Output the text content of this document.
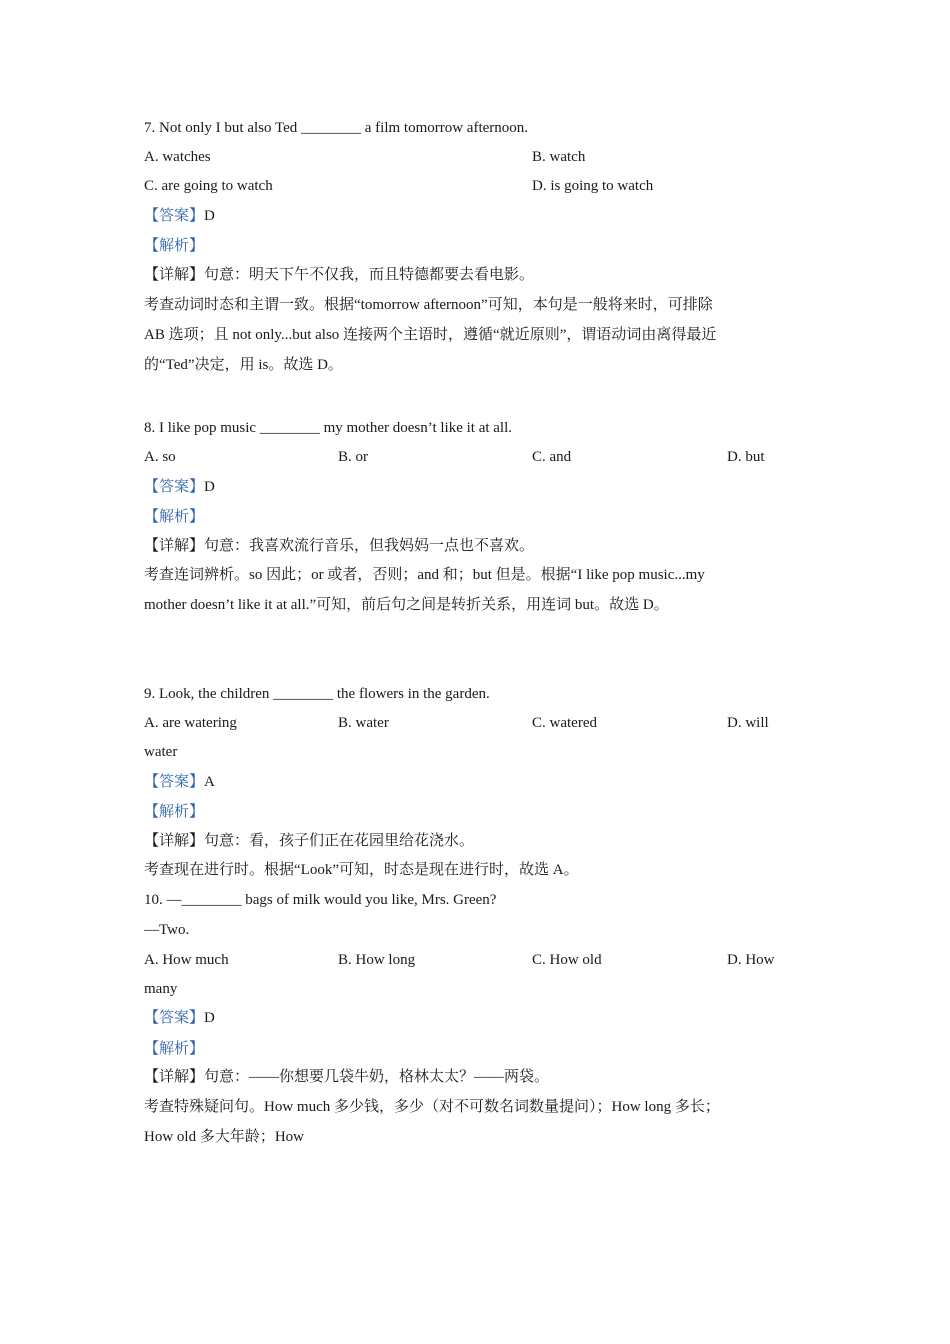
7. Not only I but also Ted ________ a film tomorrow afternoon.
A. watches	B. watch
C. are going to watch	D. is going to watch
【答案】D
【解析】
【详解】句意：明天下午不仅我，而且特德都要去看电影。
考查动词时态和主谓一致。根据“tomorrow afternoon”可知，本句是一般将来时，可排除
AB 选项；且 not only...but also 连接两个主语时，遵循“就近原则”，谓语动词由离得最近
的“Ted”决定，用 is。故选 D。
8. I like pop music ________ my mother doesn’t like it at all.
A. so	B. or	C. and	D. but
【答案】D
【解析】
【详解】句意：我喜欢流行音乐，但我妈妈一点也不喜欢。
考查连词辨析。so 因此；or 或者，否则；and 和；but 但是。根据“I like pop music...my
mother doesn’t like it at all.”可知，前后句之间是转折关系，用连词 but。故选 D。
9. Look, the children ________ the flowers in the garden.
A. are watering	B. water	C. watered	D. will
water
【答案】A
【解析】
【详解】句意：看，孩子们正在花园里给花浇水。
考查现在进行时。根据“Look”可知，时态是现在进行时，故选 A。
10. —________ bags of milk would you like, Mrs. Green?
—Two.
A. How much	B. How long	C. How old	D. How
many
【答案】D
【解析】
【详解】句意：——你想要几袋牛奶，格林太太？——两袋。
考查特殊疑问句。How much 多少钱，多少（对不可数名词数量提问）；How long 多长；
How old 多大年龄；How
